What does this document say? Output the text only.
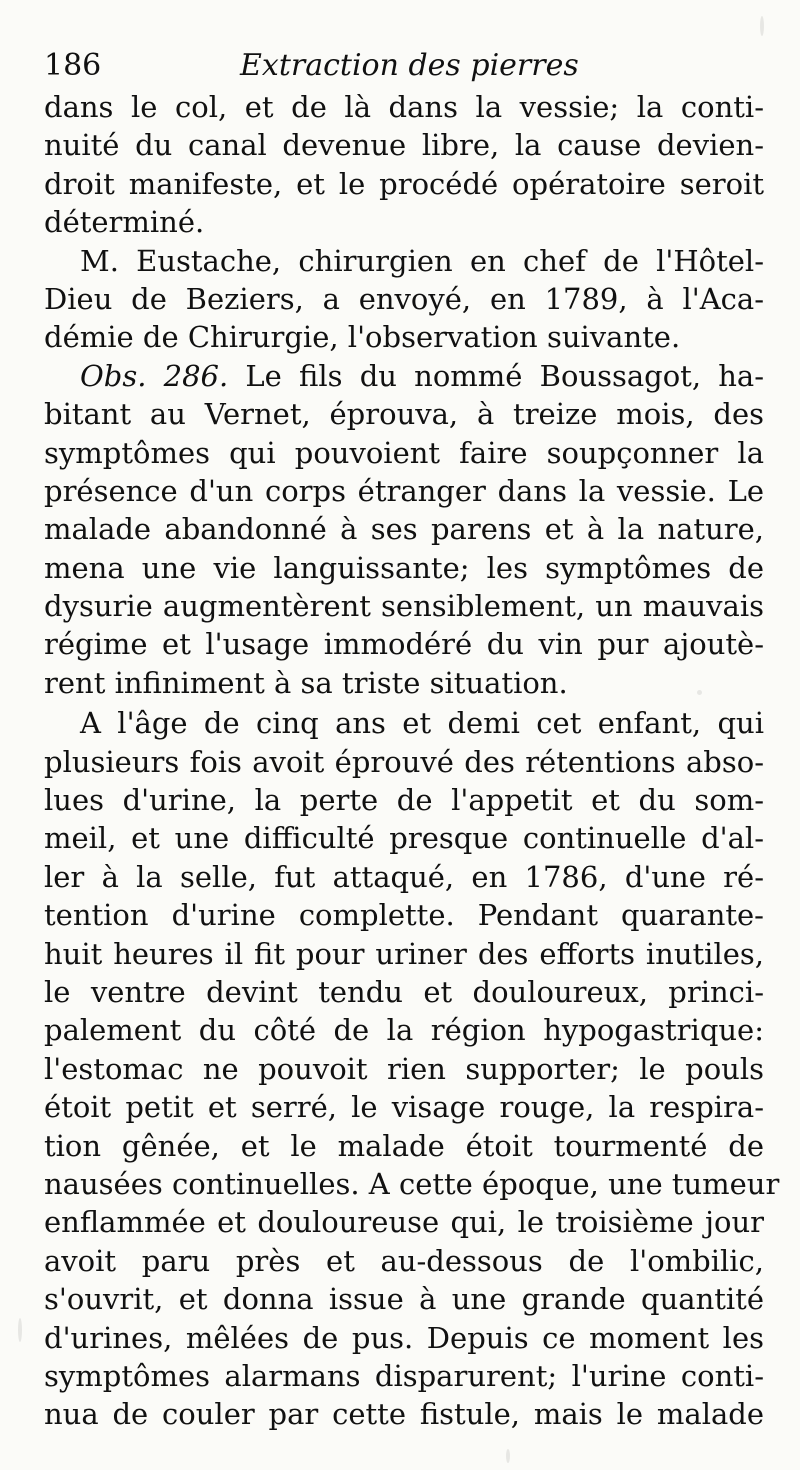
186	Extraction des pierres
dans le col, et de là dans la vessie; la conti-
nuité du canal devenue libre, la cause devien-
droit manifeste, et le procédé opératoire seroit
déterminé.
M. Eustache, chirurgien en chef de l'Hôtel-
Dieu de Beziers, a envoyé, en 1789, à l'Aca-
démie de Chirurgie, l'observation suivante.
Obs. 286. Le fils du nommé Boussagot, ha-
bitant au Vernet, éprouva, à treize mois, des
symptômes qui pouvoient faire soupçonner la
présence d'un corps étranger dans la vessie. Le
malade abandonné à ses parens et à la nature,
mena une vie languissante; les symptômes de
dysurie augmentèrent sensiblement, un mauvais
régime et l'usage immodéré du vin pur ajoutè-
rent infiniment à sa triste situation.
A l'âge de cinq ans et demi cet enfant, qui
plusieurs fois avoit éprouvé des rétentions abso-
lues d'urine, la perte de l'appetit et du som-
meil, et une difficulté presque continuelle d'al-
ler à la selle, fut attaqué, en 1786, d'une ré-
tention d'urine complette. Pendant quarante-
huit heures il fit pour uriner des efforts inutiles,
le ventre devint tendu et douloureux, princi-
palement du côté de la région hypogastrique:
l'estomac ne pouvoit rien supporter; le pouls
étoit petit et serré, le visage rouge, la respira-
tion gênée, et le malade étoit tourmenté de
nausées continuelles. A cette époque, une tumeur
enflammée et douloureuse qui, le troisième jour
avoit paru près et au-dessous de l'ombilic,
s'ouvrit, et donna issue à une grande quantité
d'urines, mêlées de pus. Depuis ce moment les
symptômes alarmans disparurent; l'urine conti-
nua de couler par cette fistule, mais le malade
